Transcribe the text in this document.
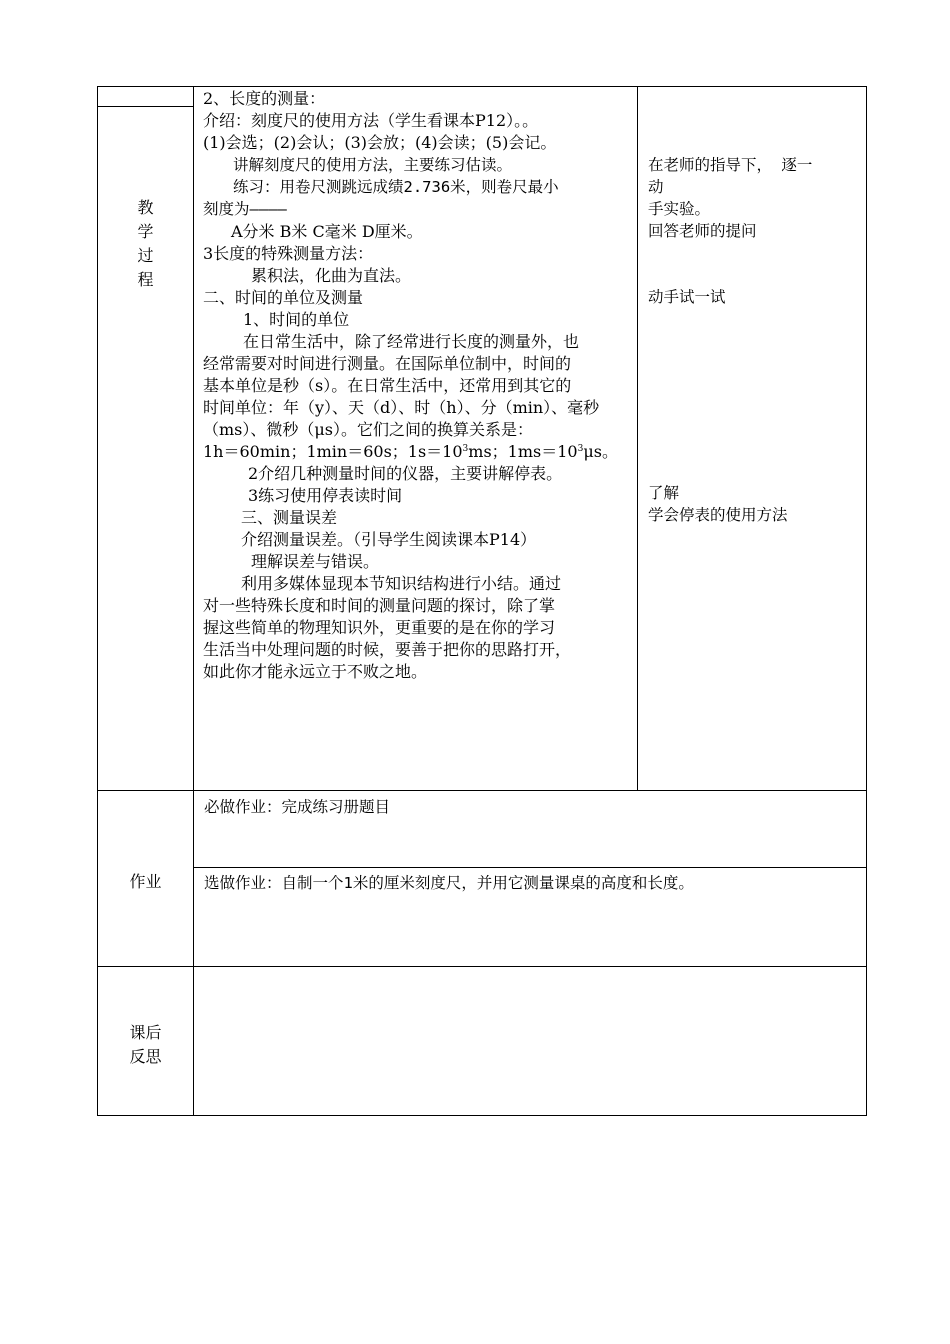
教
学
过
程
2、长度的测量：
介绍：刻度尺的使用方法（学生看课本P12）。。
(1)会选；(2)会认；(3)会放；(4)会读；(5)会记。
讲解刻度尺的使用方法，主要练习估读。
练习：用卷尺测跳远成绩2.736米，则卷尺最小
刻度为————
A分米 B米 C毫米 D厘米。
3长度的特殊测量方法：
累积法，化曲为直法。
二、时间的单位及测量
1、时间的单位
在日常生活中，除了经常进行长度的测量外，也
经常需要对时间进行测量。在国际单位制中，时间的
基本单位是秒（s）。在日常生活中，还常用到其它的
时间单位：年（y）、天（d）、时（h）、分（min）、毫秒
（ms）、微秒（μs）。它们之间的换算关系是：
1h＝60min；1min＝60s；$1s=10^3ms$；$1ms=10^3\mu s$。
2介绍几种测量时间的仪器，主要讲解停表。
3练习使用停表读时间
三、测量误差
介绍测量误差。（引导学生阅读课本P14）
理解误差与错误。
利用多媒体显现本节知识结构进行小结。通过
对一些特殊长度和时间的测量问题的探讨，除了掌
握这些简单的物理知识外，更重要的是在你的学习
生活当中处理问题的时候，要善于把你的思路打开，
如此你才能永远立于不败之地。
在老师的指导下， 逐一
动
手实验。
回答老师的提问
动手试一试
了解
学会停表的使用方法
作业
必做作业：完成练习册题目
选做作业：自制一个1米的厘米刻度尺，并用它测量课桌的高度和长度。
课后
反思
